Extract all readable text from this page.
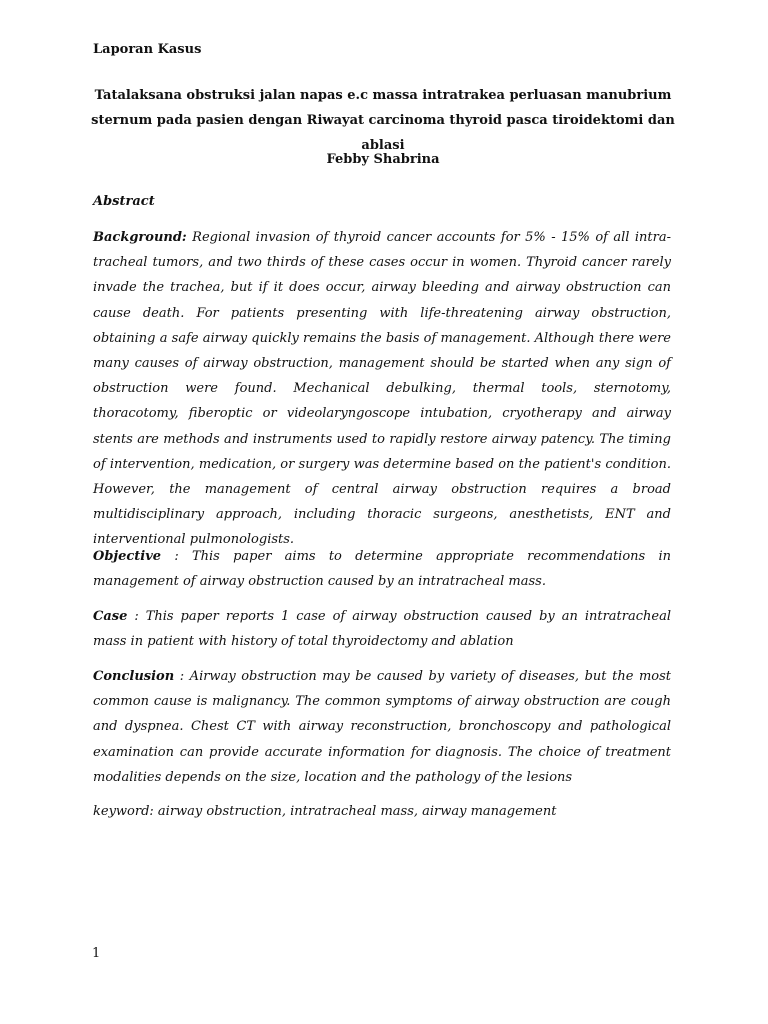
Laporan Kasus
Tatalaksana obstruksi jalan napas e.c massa intratrakea perluasan manubrium sternum pada pasien dengan Riwayat carcinoma thyroid pasca tiroidektomi dan ablasi
Febby Shabrina
Abstract

Background: Regional invasion of thyroid cancer accounts for 5% - 15% of all intra-tracheal tumors, and two thirds of these cases occur in women. Thyroid cancer rarely invade the trachea, but if it does occur, airway bleeding and airway obstruction can cause death. For patients presenting with life-threatening airway obstruction, obtaining a safe airway quickly remains the basis of management. Although there were many causes of airway obstruction, management should be started when any sign of obstruction were found. Mechanical debulking, thermal tools, sternotomy, thoracotomy, fiberoptic or videolaryngoscope intubation, cryotherapy and airway stents are methods and instruments used to rapidly restore airway patency. The timing of intervention, medication, or surgery was determine based on the patient's condition. However, the management of central airway obstruction requires a broad multidisciplinary approach, including thoracic surgeons, anesthetists, ENT and interventional pulmonologists.

Objective : This paper aims to determine appropriate recommendations in management of airway obstruction caused by an intratracheal mass.

Case : This paper reports 1 case of airway obstruction caused by an intratracheal mass in patient with history of total thyroidectomy and ablation

Conclusion : Airway obstruction may be caused by variety of diseases, but the most common cause is malignancy. The common symptoms of airway obstruction are cough and dyspnea. Chest CT with airway reconstruction, bronchoscopy and pathological examination can provide accurate information for diagnosis. The choice of treatment modalities depends on the size, location and the pathology of the lesions

keyword: airway obstruction, intratracheal mass, airway management

1
